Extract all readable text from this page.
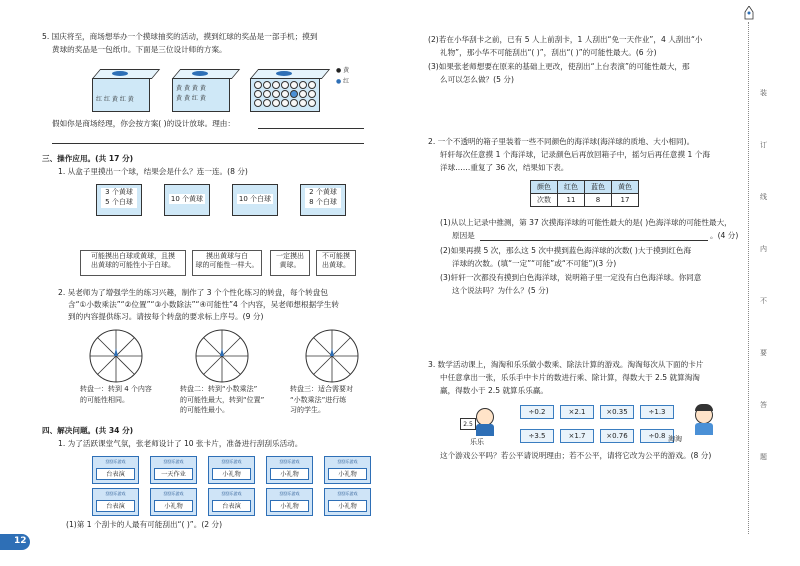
5. 国庆将至，商场想举办一个摸球抽奖的活动，摸到红球的奖品是一部手机；摸到
黄球的奖品是一包纸巾。下面是三位设计师的方案。
红 红 黄 红 黄
黄 黄 黄 黄
黄 黄 红 黄
● 黄
● 红
假如你是商场经理，你会按方案( )的设计放球。理由：
三、操作应用。(共 17 分)
1. 从盒子里摸出一个球，结果会是什么？连一连。(8 分)
3 个黄球
5 个白球	10 个黄球	10 个白球
2 个黄球
8 个白球
可能摸出白球或黄球，且摸
出黄球的可能性小于白球。
摸出黄球与白
球的可能性一样大。
一定摸出
黄球。
不可能摸
出黄球。
2. 吴老师为了增强学生的练习兴趣，制作了 3 个个性化练习的转盘，每个转盘包
含“①小数乘法”“②位置”“③小数除法”“④可能性”4 个内容，吴老师想根据学生转
到的内容提供练习。请按每个转盘的要求标上序号。(9 分)
转盘一：转到 4 个内容
的可能性相同。
转盘二：转到“小数乘法”
的可能性最大，转到“位置”
的可能性最小。
转盘三：适合需要对
“小数乘法”进行练
习的学生。
四、解决问题。(共 34 分)
1. 为了活跃课堂气氛，张老师设计了 10 张卡片，准备进行刮刮乐活动。
刮刮乐游戏
台表演
刮刮乐游戏
一天作业
刮刮乐游戏
小礼物
刮刮乐游戏
小礼物
刮刮乐游戏
小礼物
刮刮乐游戏
台表演
刮刮乐游戏
小礼物
刮刮乐游戏
台表演
刮刮乐游戏
小礼物
刮刮乐游戏
小礼物
(1)第 1 个刮卡的人最有可能刮出“( )”。(2 分)
12
(2)若在小华刮卡之前，已有 5 人上前刮卡，1 人刮出“免一天作业”，4 人刮出“小
礼物”，那小华不可能刮出“( )”，刮出“( )”的可能性最大。(6 分)
(3)如果张老师想要在原来的基础上更改，使刮出“上台表演”的可能性最大，那
么可以怎么做？(5 分)
2. 一个不透明的箱子里装着一些不同颜色的海洋球(海洋球的质地、大小相同)。
轩轩每次任意摸 1 个海洋球，记录颜色后再放回箱子中，摇匀后再任意摸 1 个海
洋球……重复了 36 次，结果如下表。
颜色	红色	蓝色	黄色
次数	11	8	17
(1)从以上记录中推测，第 37 次摸海洋球的可能性最大的是( )色海洋球的可能性最大，
原因是	。(4 分)
(2)如果再摸 5 次，那么这 5 次中摸到蓝色海洋球的次数( )大于摸到红色海
洋球的次数。(填“一定”“可能”或“不可能”)(3 分)
(3)轩轩一次都没有摸到白色海洋球，说明箱子里一定没有白色海洋球。你同意
这个说法吗？为什么？(5 分)
3. 数学活动课上，淘淘和乐乐做小数乘、除法计算的游戏。淘淘每次从下面的卡片
中任意拿出一张，乐乐手中卡片的数进行乘、除计算，得数大于 2.5 就算淘淘
赢，得数小于 2.5 就算乐乐赢。
2.5
乐乐
÷0.2	×2.1	×0.35	÷1.3
÷3.5	×1.7	×0.76	÷0.8 淘淘
这个游戏公平吗？若公平请说明理由；若不公平，请将它改为公平的游戏。(8 分)
装
订
线
内
不
要
答
题
